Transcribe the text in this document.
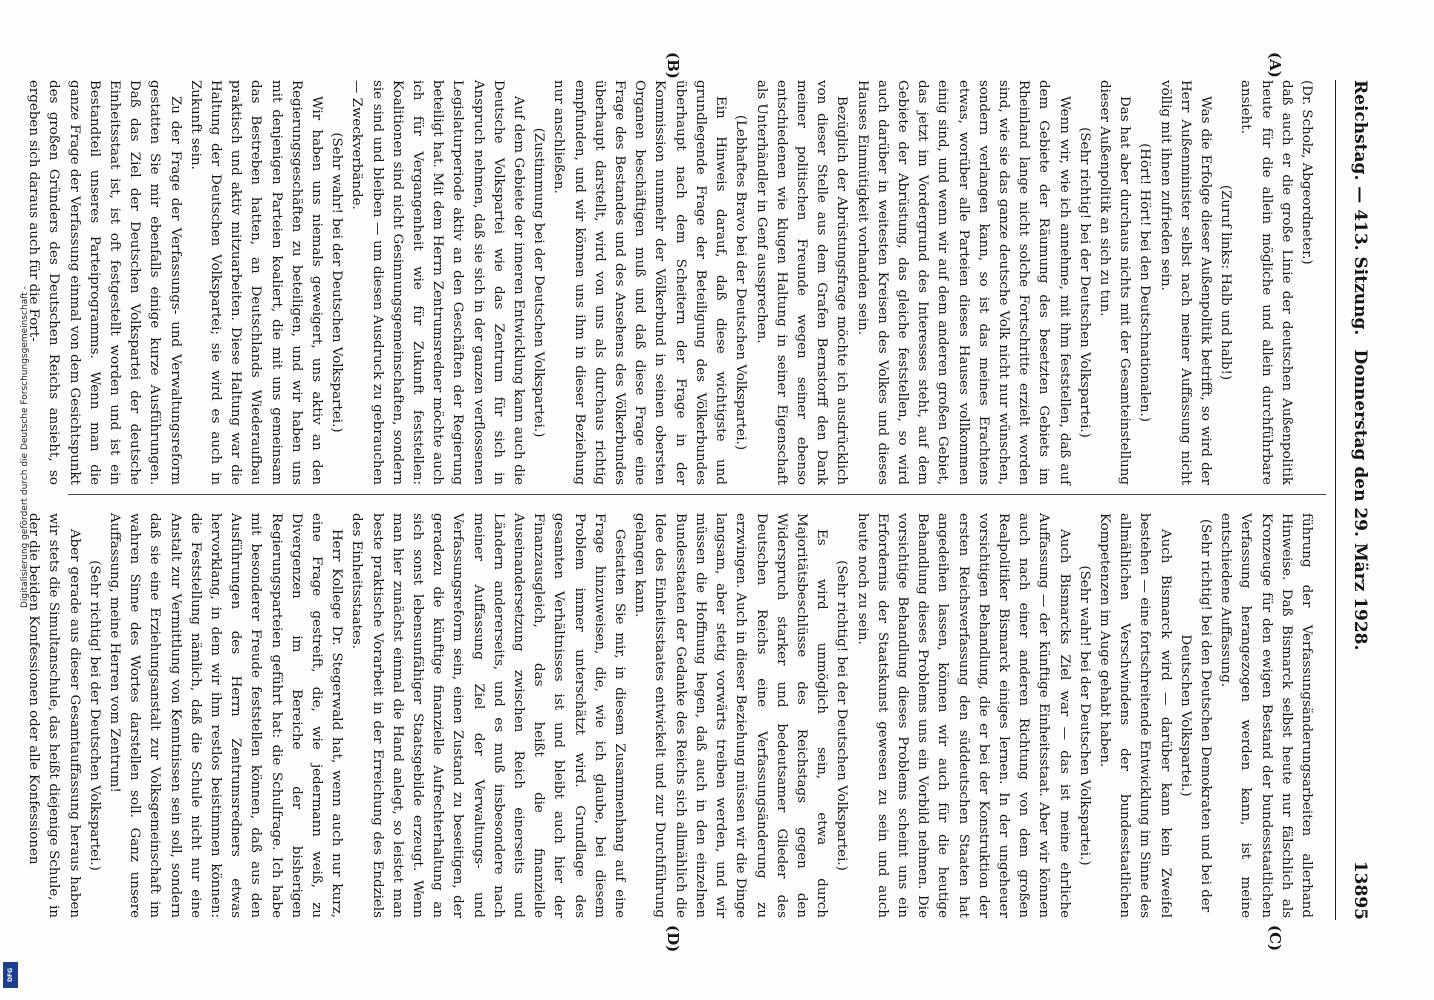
Reichstag. — 413. Sitzung.
Donnerstag den 29. März 1928.
13895
(A)
(B)
(C)
(D)

(Dr. Scholz, Abgeordneter.)

daß auch er die große Linie der deutschen Außenpolitik heute für die allein mögliche und allein durchführbare ansieht.

(Zuruf links: Halb und halb!)

Was die Erfolge dieser Außenpolitik betrifft, so wird der Herr Außenminister selbst nach meiner Auffassung nicht völlig mit ihnen zufrieden sein.

(Hört! Hört! bei den Deutschnationalen.)

Das hat aber durchaus nichts mit der Gesamteinstellung dieser Außenpolitik an sich zu tun.

(Sehr richtig! bei der Deutschen Volkspartei.)

Wenn wir, wie ich annehme, mit ihm feststellen, daß auf dem Gebiete der Räumung des besetzten Gebiets im Rheinland lange nicht solche Fortschritte erzielt worden sind, wie sie das ganze deutsche Volk nicht nur wünschen, sondern verlangen kann, so ist das meines Erachtens etwas, worüber alle Parteien dieses Hauses vollkommen einig sind, und wenn wir auf dem anderen großen Gebiet, das jetzt im Vordergrund des Interesses steht, auf dem Gebiete der Abrüstung, das gleiche feststellen, so wird auch darüber in weitesten Kreisen des Volkes und dieses Hauses Einmütigkeit vorhanden sein.

Bezüglich der Abrüstungsfrage möchte ich ausdrücklich von dieser Stelle aus dem Grafen Bernstorff den Dank meiner politischen Freunde wegen seiner ebenso entschiedenen wie klugen Haltung in seiner Eigenschaft als Unterhändler in Genf aussprechen.

(Lebhaftes Bravo bei der Deutschen Volkspartei.)

Ein Hinweis darauf, daß diese wichtigste und grundlegende Frage der Beteiligung des Völkerbundes überhaupt nach dem Scheitern der Frage in der Kommission nunmehr der Völkerbund in seinen obersten Organen beschäftigen muß und daß diese Frage eine Frage des Bestandes und des Ansehens des Völkerbundes überhaupt darstellt, wird von uns als durchaus richtig empfunden, und wir können uns ihm in dieser Beziehung nur anschließen.

(Zustimmung bei der Deutschen Volkspartei.)

Auf dem Gebiete der inneren Entwicklung kann auch die Deutsche Volkspartei wie das Zentrum für sich in Anspruch nehmen, daß sie sich in der ganzen verflossenen Legislaturperiode aktiv an den Geschäften der Regierung beteiligt hat. Mit dem Herrn Zentrumsredner möchte auch ich für Vergangenheit wie für Zukunft feststellen: Koalitionen sind nicht Gesinnungsgemeinschaften, sondern sie sind und bleiben — um diesen Ausdruck zu gebrauchen — Zweckverbände.

(Sehr wahr! bei der Deutschen Volkspartei.)

Wir haben uns niemals geweigert, uns aktiv an den Regierungsgeschäften zu beteiligen, und wir haben uns mit denjenigen Parteien koaliert, die mit uns gemeinsam das Bestreben hatten, an Deutschlands Wiederaufbau praktisch und aktiv mitzuarbeiten. Diese Haltung war die Haltung der Deutschen Volkspartei; sie wird es auch in Zukunft sein.

Zu der Frage der Verfassungs- und Verwaltungsreform gestatten Sie mir ebenfalls einige kurze Ausführungen. Daß das Ziel der Deutschen Volkspartei der deutsche Einheitsstaat ist, ist oft festgestellt worden und ist ein Bestandteil unseres Parteiprogramms. Wenn man die ganze Frage der Verfassung einmal von dem Gesichtspunkt des großen Gründers des Deutschen Reichs ansieht, so ergeben sich daraus auch für die Fort-

führung der Verfassungsänderungsarbeiten allerhand Hinweise. Daß Bismarck selbst heute nur fälschlich als Kronzeuge für den ewigen Bestand der bundesstaatlichen Verfassung herangezogen werden kann, ist meine entschiedene Auffassung.

(Sehr richtig! bei den Deutschen Demokraten und bei der Deutschen Volkspartei.)

Auch Bismarck wird — darüber kann kein Zweifel bestehen — eine fortschreitende Entwicklung im Sinne des allmählichen Verschwindens der bundesstaatlichen Kompetenzen im Auge gehabt haben.

(Sehr wahr! bei der Deutschen Volkspartei.)

Auch Bismarcks Ziel war — das ist meine ehrliche Auffassung — der künftige Einheitsstaat. Aber wir können auch nach einer anderen Richtung von dem großen Realpolitiker Bismarck einiges lernen. In der ungeheuer vorsichtigen Behandlung, die er bei der Konstruktion der ersten Reichsverfassung den süddeutschen Staaten hat angedeihen lassen, können wir auch für die heutige Behandlung dieses Problems uns ein Vorbild nehmen. Die vorsichtige Behandlung dieses Problems scheint uns ein Erfordernis der Staatskunst gewesen zu sein und auch heute noch zu sein.

(Sehr richtig! bei der Deutschen Volkspartei.)

Es wird unmöglich sein, etwa durch Majoritätsbeschlüsse des Reichstags gegen den Widerspruch starker und bedeutsamer Glieder des Deutschen Reichs eine Verfassungsänderung zu erzwingen. Auch in dieser Beziehung müssen wir die Dinge langsam, aber stetig vorwärts treiben werden, und wir müssen die Hoffnung hegen, daß auch in den einzelnen Bundesstaaten der Gedanke des Reichs sich allmählich die Idee des Einheitsstaates entwickelt und zur Durchführung gelangen kann.

Gestatten Sie mir, in diesem Zusammenhang auf eine Frage hinzuweisen, die, wie ich glaube, bei diesem Problem immer unterschätzt wird. Grundlage des gesamten Verhältnisses ist und bleibt auch hier der Finanzausgleich, das heißt die finanzielle Auseinandersetzung zwischen Reich einerseits und Ländern andererseits, und es muß insbesondere nach meiner Auffassung Ziel der Verwaltungs- und Verfassungsreform sein, einen Zustand zu beseitigen, der geradezu die künftige finanzielle Aufrechterhaltung an sich sonst lebensunfähiger Staatsgebilde erzeugt. Wenn man hier zunächst einmal die Hand anlegt, so leistet man beste praktische Vorarbeit in der Erreichung des Endziels des Einheitsstaates.

Herr Kollege Dr. Stegerwald hat, wenn auch nur kurz, eine Frage gestreift, die, wie jedermann weiß, zu Divergenzen im Bereiche der bisherigen Regierungsparteien geführt hat: die Schulfrage. Ich habe mit besonderer Freude feststellen können, daß aus den Ausführungen des Herrn Zentrumsredners etwas hervorklang, in dem wir ihm restlos beistimmen können: die Feststellung nämlich, daß die Schule nicht nur eine Anstalt zur Vermittlung von Kenntnissen sein soll, sondern daß sie eine Erziehungsanstalt zur Volksgemeinschaft im wahren Sinne des Wortes darstellen soll. Ganz unsere Auffassung, meine Herren vom Zentrum!

(Sehr richtig! bei der Deutschen Volkspartei.)

Aber gerade aus dieser Gesamtauffassung heraus haben wir stets die Simultanschule, das heißt diejenige Schule, in der die beiden Konfessionen oder alle Konfessionen

Digitalisierung gefördert durch die Deutsche Forschungsgemeinschaft -
DFG
